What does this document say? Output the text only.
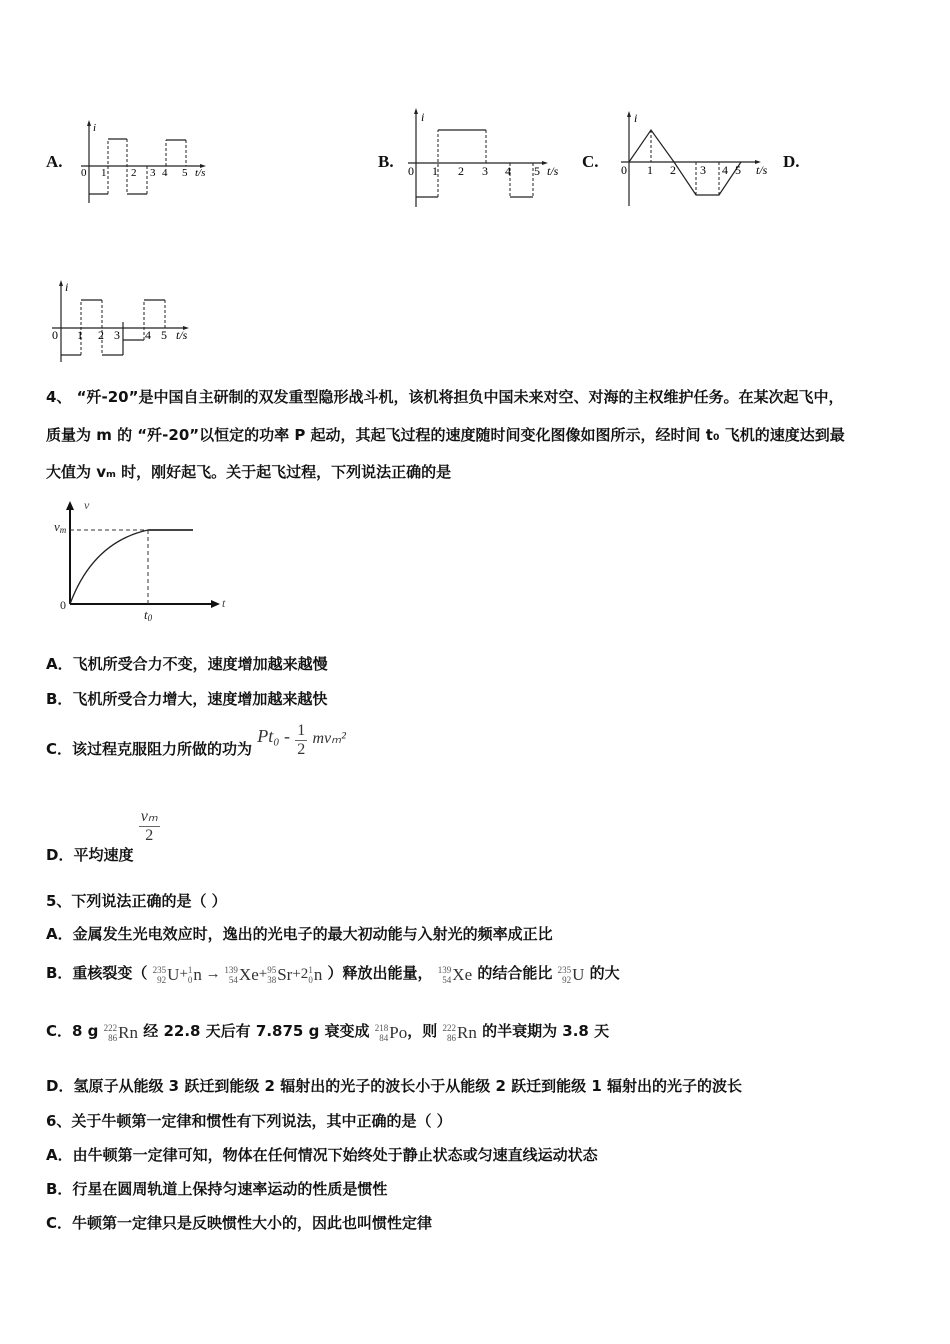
A.	B.	C.	D.
i
0 1 2 3 4 5 t/s
i
0 1 2 3 4 5 t/s
i
0 1 2 3 4 5 t/s
i
0 1 2 3 4 5 t/s
4、 “歼-20”是中国自主研制的双发重型隐形战斗机，该机将担负中国未来对空、对海的主权维护任务。在某次起飞中，
质量为 m 的 “歼-20”以恒定的功率 P 起动，其起飞过程的速度随时间变化图像如图所示，经时间 t₀ 飞机的速度达到最
大值为 vₘ 时，刚好起飞。关于起飞过程，下列说法正确的是
v
t
vm
0
t0
A．飞机所受合力不变，速度增加越来越慢
B．飞机所受合力增大，速度增加越来越快
C．该过程克服阻力所做的功为 $Pt_0 - \frac{1}{2} mv_m^2$
D．平均速度
$\frac{\text{vₘ}}{2}$
5、下列说法正确的是（ ）
A．金属发生光电效应时，逸出的光电子的最大初动能与入射光的频率成正比
B．重核裂变（ 235
92U+1
0n → 139
54Xe+95
38Sr+21
0n ）释放出能量， 139
54Xe 的结合能比 235
92U 的大
C．8 g 222
86Rn 经 22.8 天后有 7.875 g 衰变成 218
84Po，则 222
86Rn 的半衰期为 3.8 天
D．氢原子从能级 3 跃迁到能级 2 辐射出的光子的波长小于从能级 2 跃迁到能级 1 辐射出的光子的波长
6、关于牛顿第一定律和惯性有下列说法，其中正确的是（ ）
A．由牛顿第一定律可知，物体在任何情况下始终处于静止状态或匀速直线运动状态
B．行星在圆周轨道上保持匀速率运动的性质是惯性
C．牛顿第一定律只是反映惯性大小的，因此也叫惯性定律
